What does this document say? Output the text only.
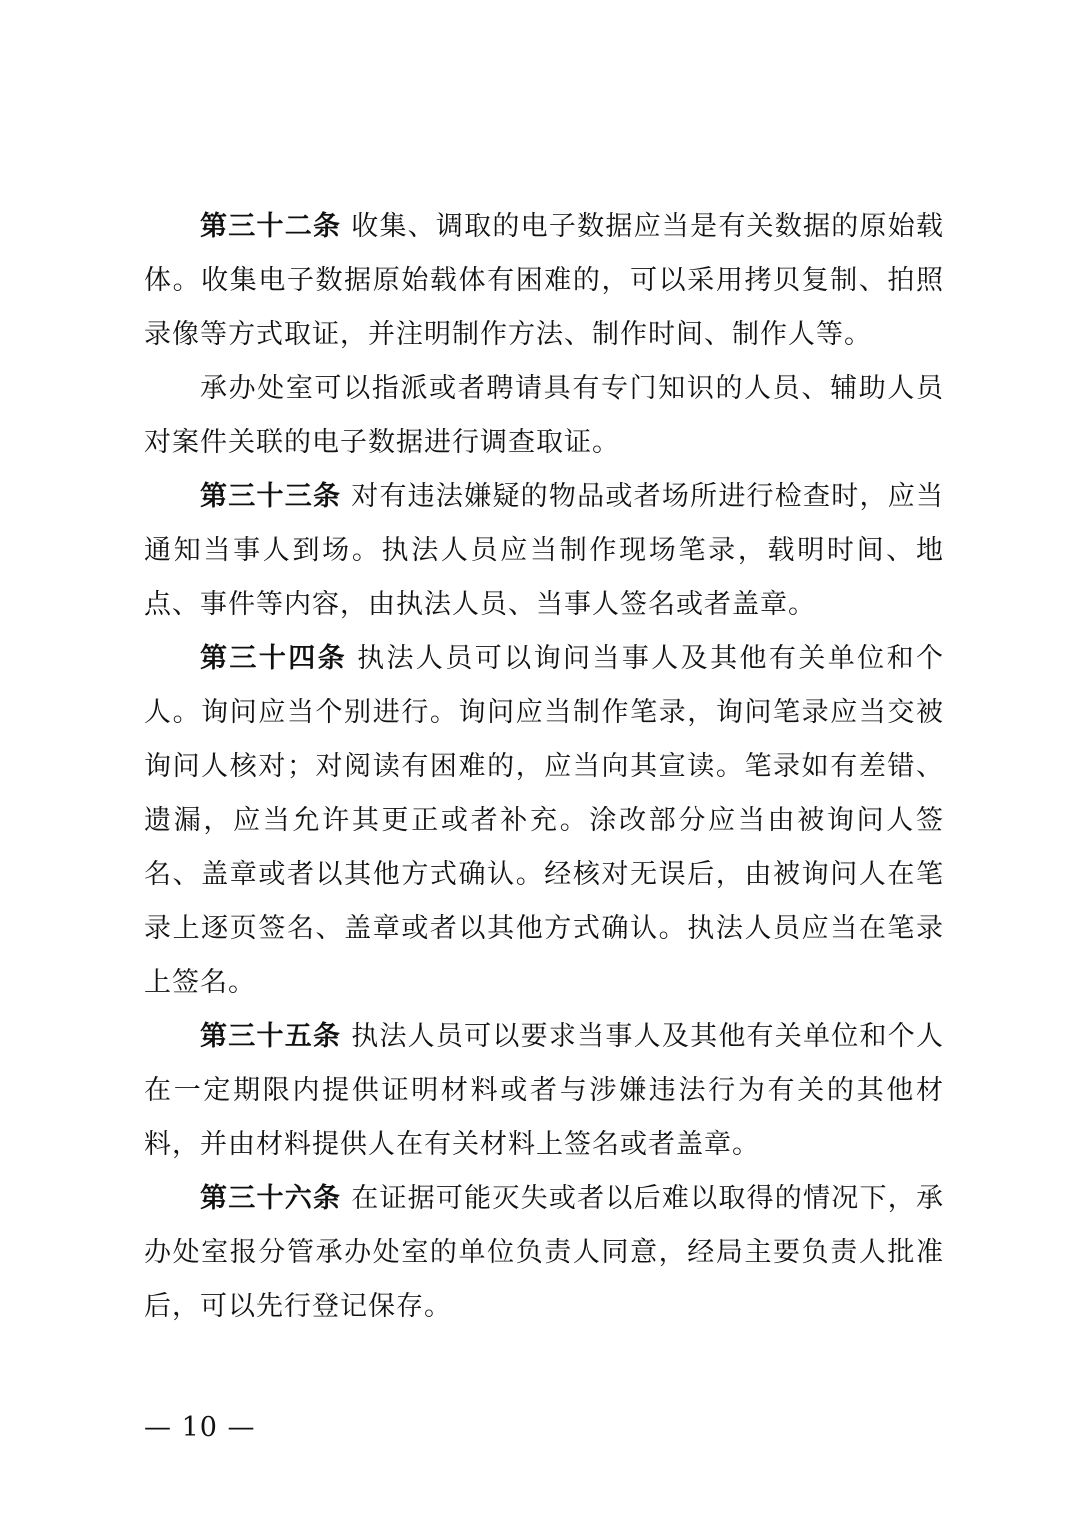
第三十二条 收集、调取的电子数据应当是有关数据的原始载体。收集电子数据原始载体有困难的，可以采用拷贝复制、拍照录像等方式取证，并注明制作方法、制作时间、制作人等。

承办处室可以指派或者聘请具有专门知识的人员、辅助人员对案件关联的电子数据进行调查取证。

第三十三条 对有违法嫌疑的物品或者场所进行检查时，应当通知当事人到场。执法人员应当制作现场笔录，载明时间、地点、事件等内容，由执法人员、当事人签名或者盖章。

第三十四条 执法人员可以询问当事人及其他有关单位和个人。询问应当个别进行。询问应当制作笔录，询问笔录应当交被询问人核对；对阅读有困难的，应当向其宣读。笔录如有差错、遗漏，应当允许其更正或者补充。涂改部分应当由被询问人签名、盖章或者以其他方式确认。经核对无误后，由被询问人在笔录上逐页签名、盖章或者以其他方式确认。执法人员应当在笔录上签名。

第三十五条 执法人员可以要求当事人及其他有关单位和个人在一定期限内提供证明材料或者与涉嫌违法行为有关的其他材料，并由材料提供人在有关材料上签名或者盖章。

第三十六条 在证据可能灭失或者以后难以取得的情况下，承办处室报分管承办处室的单位负责人同意，经局主要负责人批准后，可以先行登记保存。

— 10 —
